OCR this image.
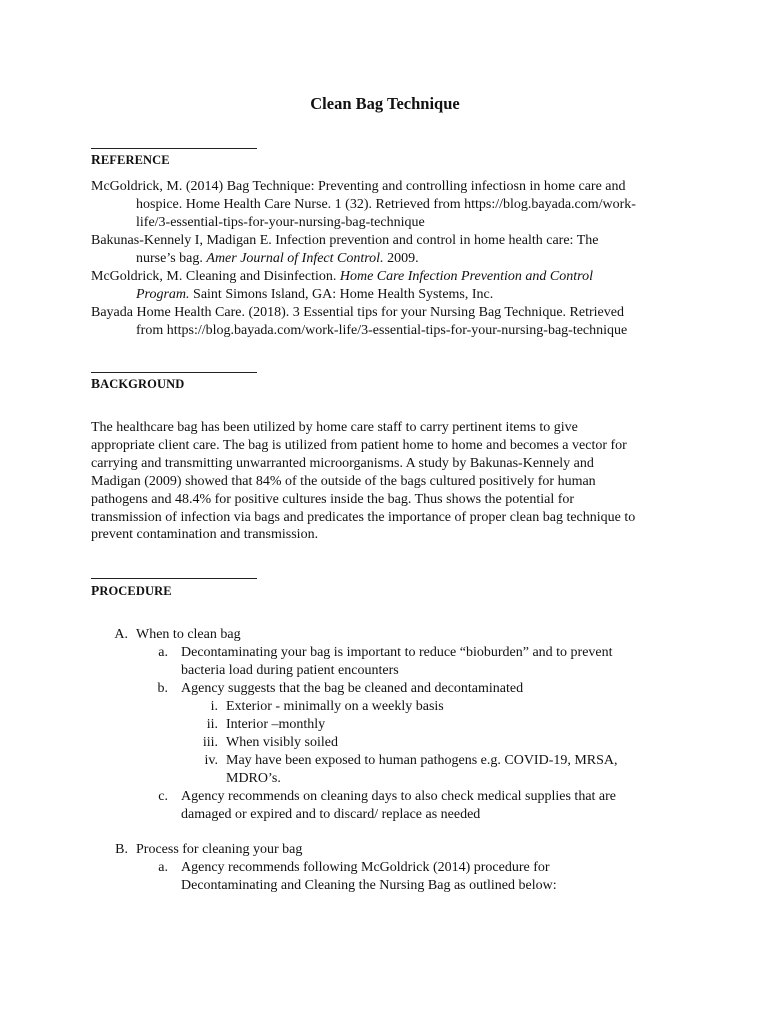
Clean Bag Technique
REFERENCE
McGoldrick, M. (2014) Bag Technique: Preventing and controlling infectiosn in home care and
hospice. Home Health Care Nurse. 1 (32). Retrieved from https://blog.bayada.com/work-
life/3-essential-tips-for-your-nursing-bag-technique
Bakunas-Kennely I, Madigan E. Infection prevention and control in home health care: The
nurse’s bag. Amer Journal of Infect Control. 2009.
McGoldrick, M. Cleaning and Disinfection. Home Care Infection Prevention and Control
Program. Saint Simons Island, GA: Home Health Systems, Inc.
Bayada Home Health Care. (2018). 3 Essential tips for your Nursing Bag Technique. Retrieved
from https://blog.bayada.com/work-life/3-essential-tips-for-your-nursing-bag-technique
BACKGROUND
The healthcare bag has been utilized by home care staff to carry pertinent items to give
appropriate client care. The bag is utilized from patient home to home and becomes a vector for
carrying and transmitting unwarranted microorganisms. A study by Bakunas-Kennely and
Madigan (2009) showed that 84% of the outside of the bags cultured positively for human
pathogens and 48.4% for positive cultures inside the bag. Thus shows the potential for
transmission of infection via bags and predicates the importance of proper clean bag technique to
prevent contamination and transmission.
PROCEDURE
A. When to clean bag
a. Decontaminating your bag is important to reduce “bioburden” and to prevent
bacteria load during patient encounters
b. Agency suggests that the bag be cleaned and decontaminated
i. Exterior - minimally on a weekly basis
ii. Interior –monthly
iii. When visibly soiled
iv. May have been exposed to human pathogens e.g. COVID-19, MRSA,
MDRO’s.
c. Agency recommends on cleaning days to also check medical supplies that are
damaged or expired and to discard/ replace as needed
B. Process for cleaning your bag
a. Agency recommends following McGoldrick (2014) procedure for
Decontaminating and Cleaning the Nursing Bag as outlined below:
